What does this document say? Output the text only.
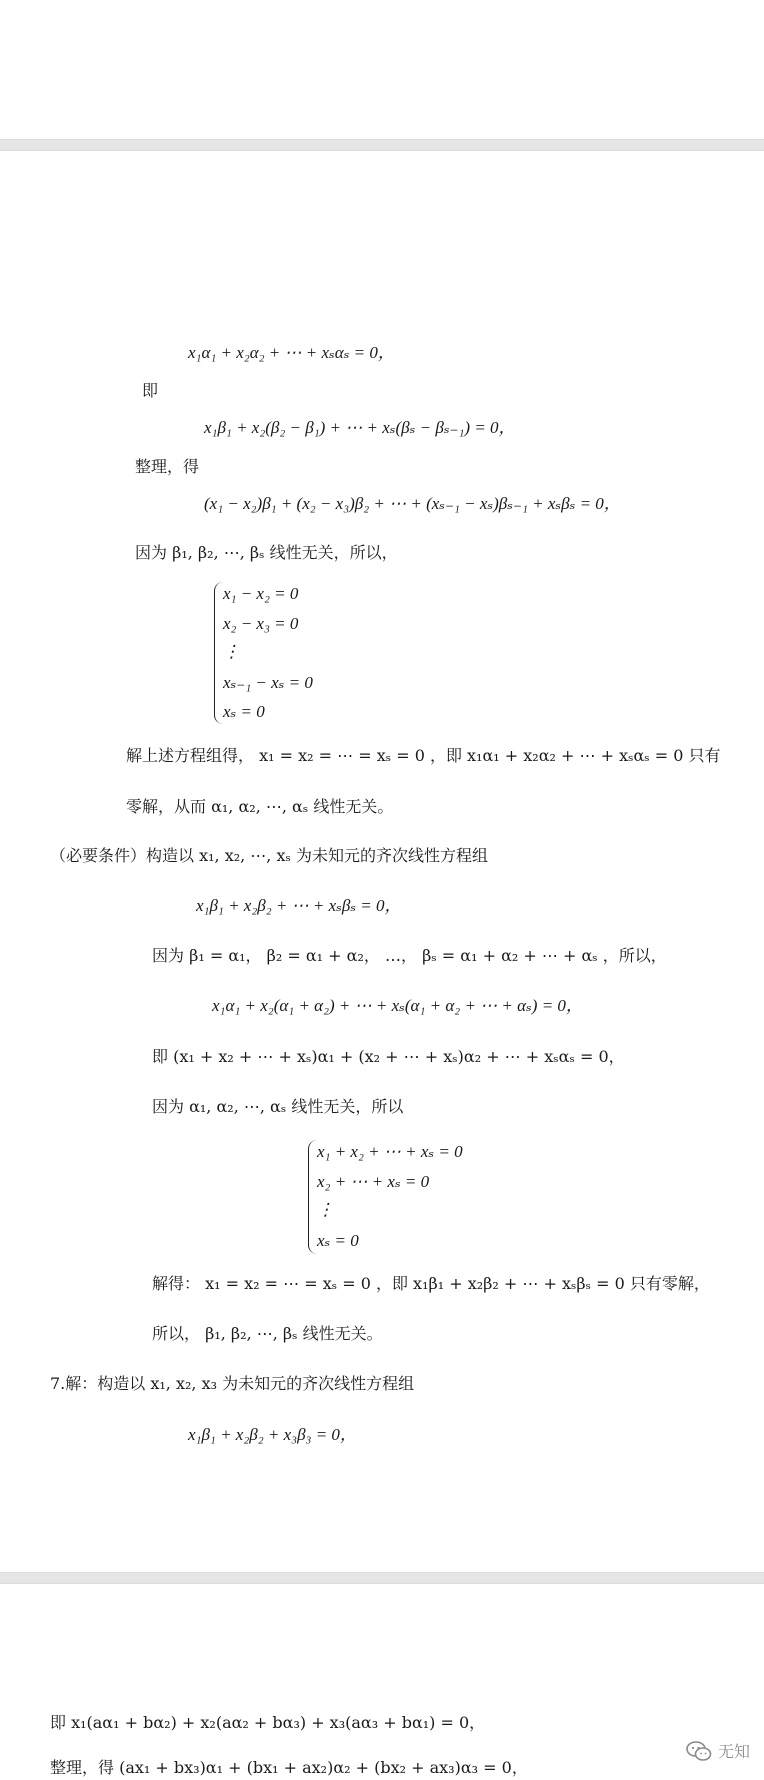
x₁α₁ + x₂α₂ + ⋯ + xₛαₛ = 0，
即
x₁β₁ + x₂(β₂ − β₁) + ⋯ + xₛ(βₛ − βₛ₋₁) = 0，
整理，得
(x₁ − x₂)β₁ + (x₂ − x₃)β₂ + ⋯ + (xₛ₋₁ − xₛ)βₛ₋₁ + xₛβₛ = 0，
因为 β₁, β₂, ⋯, βₛ 线性无关，所以，
x₁ − x₂ = 0
x₂ − x₃ = 0
⋮
xₛ₋₁ − xₛ = 0
xₛ = 0
解上述方程组得， x₁ = x₂ = ⋯ = xₛ = 0 ，即 x₁α₁ + x₂α₂ + ⋯ + xₛαₛ = 0 只有
零解，从而 α₁, α₂, ⋯, αₛ 线性无关。
（必要条件）构造以 x₁, x₂, ⋯, xₛ 为未知元的齐次线性方程组
x₁β₁ + x₂β₂ + ⋯ + xₛβₛ = 0，
因为 β₁ = α₁， β₂ = α₁ + α₂， …， βₛ = α₁ + α₂ + ⋯ + αₛ ，所以，
x₁α₁ + x₂(α₁ + α₂) + ⋯ + xₛ(α₁ + α₂ + ⋯ + αₛ) = 0，
即 (x₁ + x₂ + ⋯ + xₛ)α₁ + (x₂ + ⋯ + xₛ)α₂ + ⋯ + xₛαₛ = 0，
因为 α₁, α₂, ⋯, αₛ 线性无关，所以
x₁ + x₂ + ⋯ + xₛ = 0
x₂ + ⋯ + xₛ = 0
⋮
xₛ = 0
解得： x₁ = x₂ = ⋯ = xₛ = 0 ，即 x₁β₁ + x₂β₂ + ⋯ + xₛβₛ = 0 只有零解，
所以， β₁, β₂, ⋯, βₛ 线性无关。
7.解：构造以 x₁, x₂, x₃ 为未知元的齐次线性方程组
x₁β₁ + x₂β₂ + x₃β₃ = 0，
即 x₁(aα₁ + bα₂) + x₂(aα₂ + bα₃) + x₃(aα₃ + bα₁) = 0，
整理，得 (ax₁ + bx₃)α₁ + (bx₁ + ax₂)α₂ + (bx₂ + ax₃)α₃ = 0，
无知
